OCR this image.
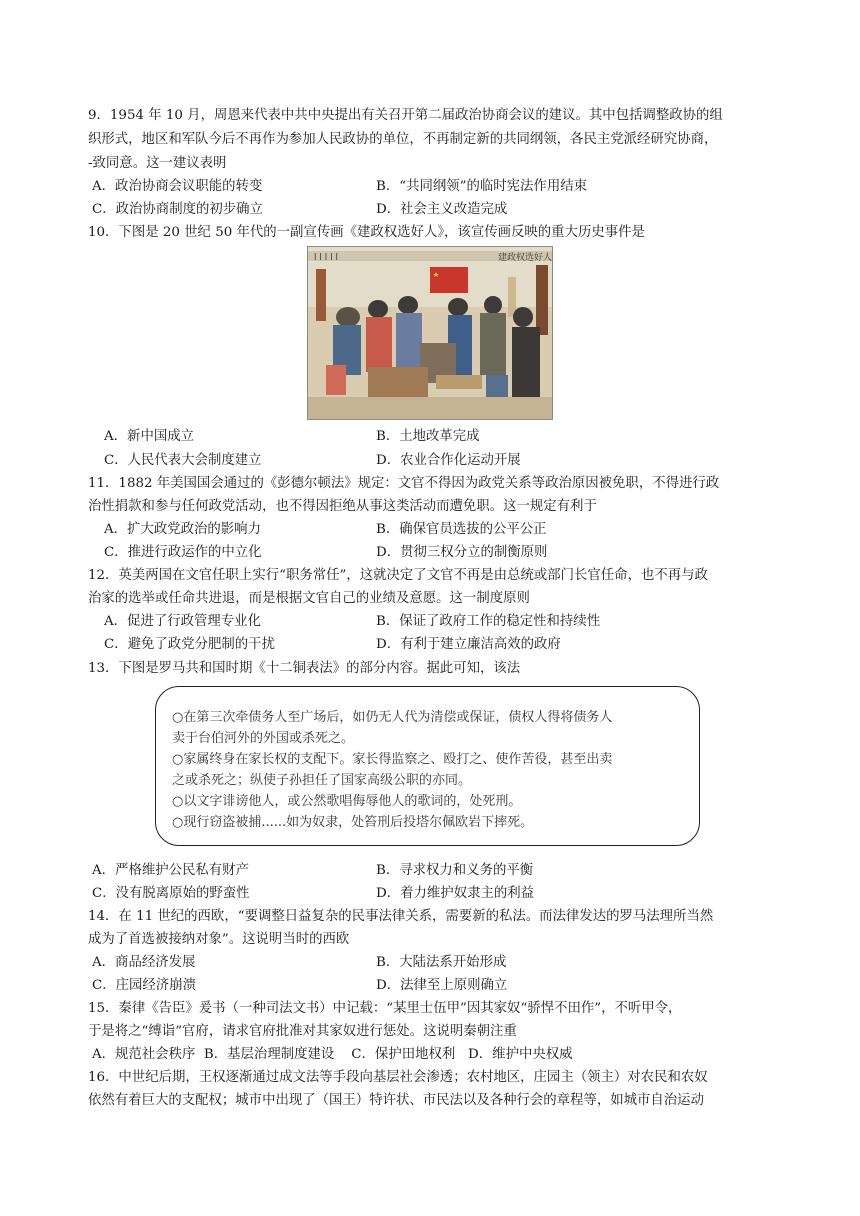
9．1954 年 10 月，周恩来代表中共中央提出有关召开第二届政治协商会议的建议。其中包括调整政协的组
织形式，地区和军队今后不再作为参加人民政协的单位，不再制定新的共同纲领，各民主党派经研究协商，
-致同意。这一建议表明
A．政治协商会议职能的转变	B．“共同纲领”的临时宪法作用结束
C．政治协商制度的初步确立	D．社会主义改造完成
10．下图是 20 世纪 50 年代的一副宣传画《建政权选好人》，该宣传画反映的重大历史事件是
建政权选好人
l l l l l
A．新中国成立	B．土地改革完成
C．人民代表大会制度建立	D．农业合作化运动开展
11．1882 年美国国会通过的《彭德尔顿法》规定：文官不得因为政党关系等政治原因被免职，不得进行政
治性捐款和参与任何政党活动，也不得因拒绝从事这类活动而遭免职。这一规定有利于
A．扩大政党政治的影响力	B．确保官员选拔的公平公正
C．推进行政运作的中立化	D．贯彻三权分立的制衡原则
12．英美两国在文官任职上实行“职务常任”，这就决定了文官不再是由总统或部门长官任命，也不再与政
治家的选举或任命共进退，而是根据文官自己的业绩及意愿。这一制度原则
A．促进了行政管理专业化	B．保证了政府工作的稳定性和持续性
C．避免了政党分肥制的干扰	D．有利于建立廉洁高效的政府
13．下图是罗马共和国时期《十二铜表法》的部分内容。据此可知，该法
○在第三次牵债务人至广场后，如仍无人代为清偿或保证，债权人得将债务人
卖于台伯河外的外国或杀死之。
○家属终身在家长权的支配下。家长得监察之、殴打之、使作苦役，甚至出卖
之或杀死之；纵使子孙担任了国家高级公职的亦同。
○以文字诽谤他人，或公然歌唱侮辱他人的歌词的，处死刑。
○现行窃盗被捕......如为奴隶，处笞刑后投塔尔佩欧岩下摔死。
A．严格维护公民私有财产	B．寻求权力和义务的平衡
C．没有脱离原始的野蛮性	D．着力维护奴隶主的利益
14．在 11 世纪的西欧，“要调整日益复杂的民事法律关系，需要新的私法。而法律发达的罗马法理所当然
成为了首选被接纳对象”。这说明当时的西欧
A．商品经济发展	B．大陆法系开始形成
C．庄园经济崩溃	D．法律至上原则确立
15．秦律《告臣》爰书（一种司法文书）中记载：“某里士伍甲”因其家奴“骄悍不田作”，不听甲令，
于是将之“缚诣”官府，请求官府批准对其家奴进行惩处。这说明秦朝注重
A．规范社会秩序  B．基层治理制度建设    C．保护田地权利   D．维护中央权威
16．中世纪后期，王权逐渐通过成文法等手段向基层社会渗透；农村地区，庄园主（领主）对农民和农奴
依然有着巨大的支配权；城市中出现了（国王）特许状、市民法以及各种行会的章程等，如城市自治运动
